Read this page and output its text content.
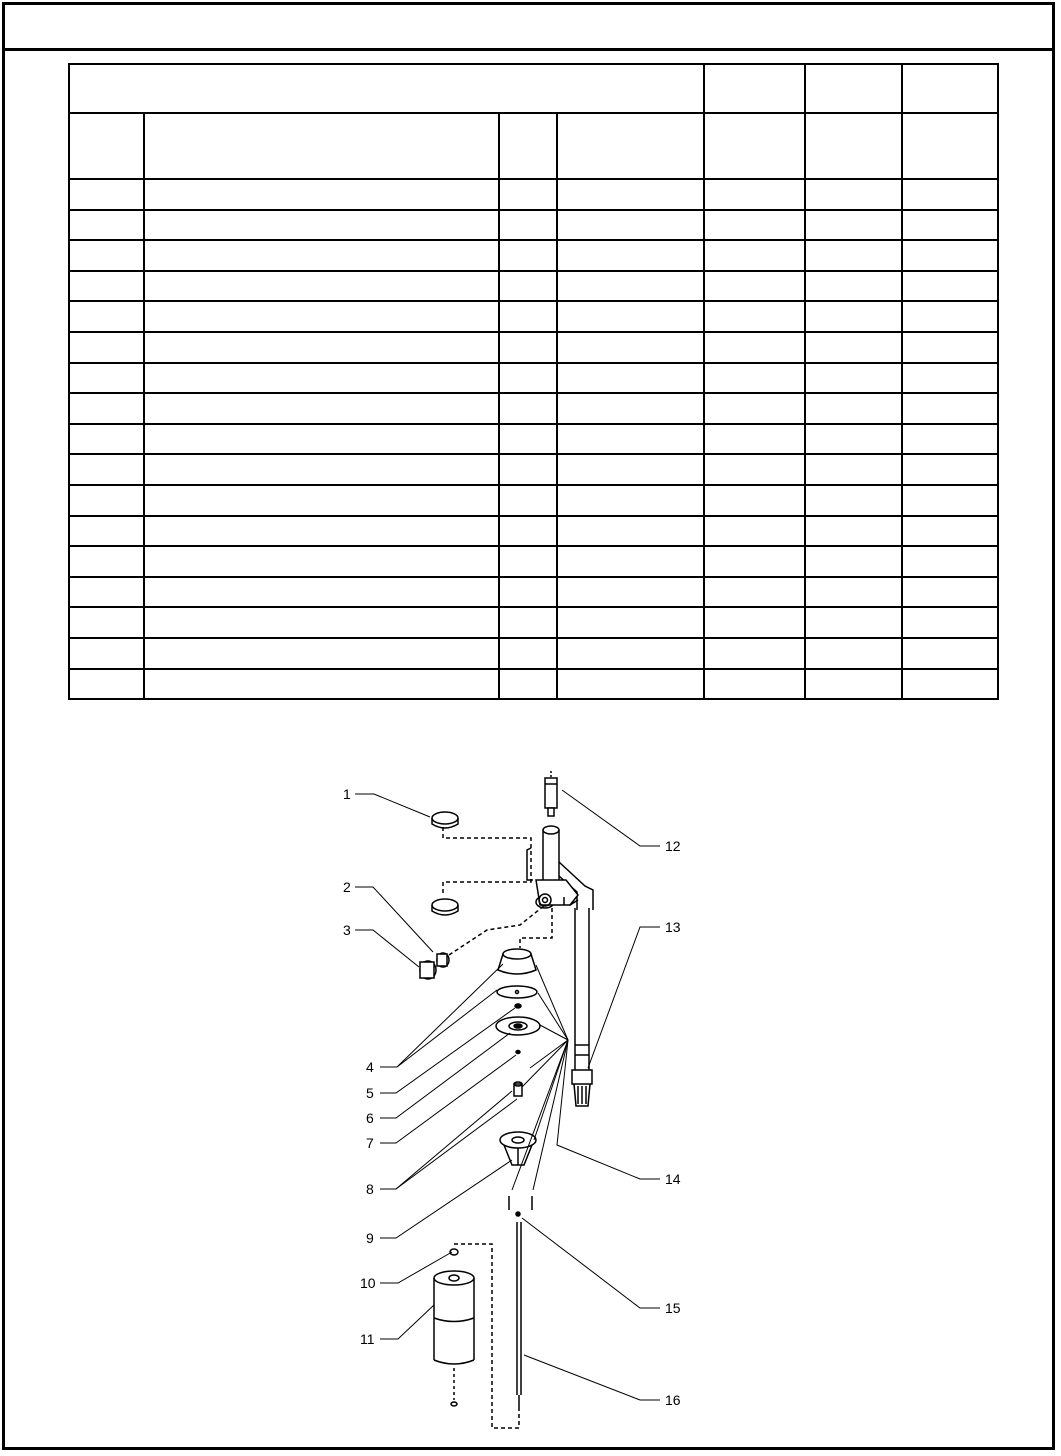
1
2
3
4
5
6
7
8
9
10
11
12
13
14
15
16
